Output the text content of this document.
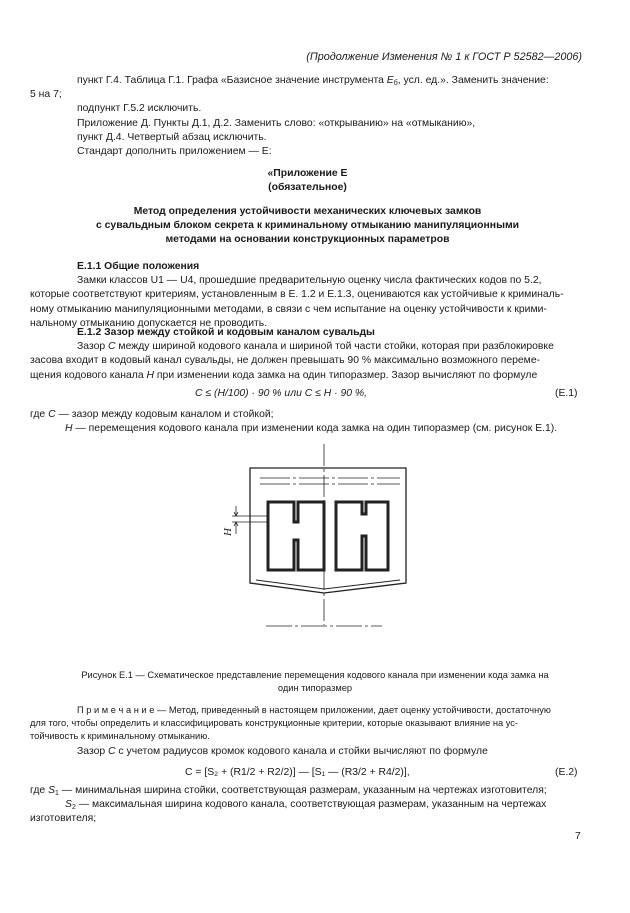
(Продолжение Изменения № 1 к ГОСТ Р 52582—2006)
пункт Г.4. Таблица Г.1. Графа «Базисное значение инструмента $E_б$, усл. ед.». Заменить значение:
5 на 7;
подпункт Г.5.2 исключить.
Приложение Д. Пункты Д.1, Д.2. Заменить слово: «открыванию» на «отмыканию»,
пункт Д.4. Четвертый абзац исключить.
Стандарт дополнить приложением — Е:
«Приложение Е
(обязательное)
Метод определения устойчивости механических ключевых замков
с сувальдным блоком секрета к криминальному отмыканию манипуляционными
методами на основании конструкционных параметров
Е.1.1 Общие положения
Замки классов U1 — U4, прошедшие предварительную оценку числа фактических кодов по 5.2,
которые соответствуют критериям, установленным в Е. 1.2 и Е.1.3, оцениваются как устойчивые к криминаль-
ному отмыканию манипуляционными методами, в связи с чем испытание на оценку устойчивости к крими-
нальному отмыканию допускается не проводить.
Е.1.2 Зазор между стойкой и кодовым каналом сувальды
Зазор C между шириной кодового канала и шириной той части стойки, которая при разблокировке
засова входит в кодовый канал сувальды, не должен превышать 90 % максимально возможного переме-
щения кодового канала H при изменении кода замка на один типоразмер. Зазор вычисляют по формуле
C ≤ (H/100) · 90 % или C ≤ H · 90 %,	(Е.1)
где C — зазор между кодовым каналом и стойкой;
H — перемещения кодового канала при изменении кода замка на один типоразмер (см. рисунок Е.1).
H
Рисунок Е.1 — Схематическое представление перемещения кодового канала при изменении кода замка на
один типоразмер
П р и м е ч а н и е — Метод, приведенный в настоящем приложении, дает оценку устойчивости, достаточную
для того, чтобы определить и классифицировать конструкционные критерии, которые оказывают влияние на ус-
тойчивость к криминальному отмыканию.
Зазор C с учетом радиусов кромок кодового канала и стойки вычисляют по формуле
C = [S₂ + (R1/2 + R2/2)] — [S₁ — (R3/2 + R4/2)],	(Е.2)
где $S_1$ — минимальная ширина стойки, соответствующая размерам, указанным на чертежах изготовителя;
$S_2$ — максимальная ширина кодового канала, соответствующая размерам, указанным на чертежах
изготовителя;
7
